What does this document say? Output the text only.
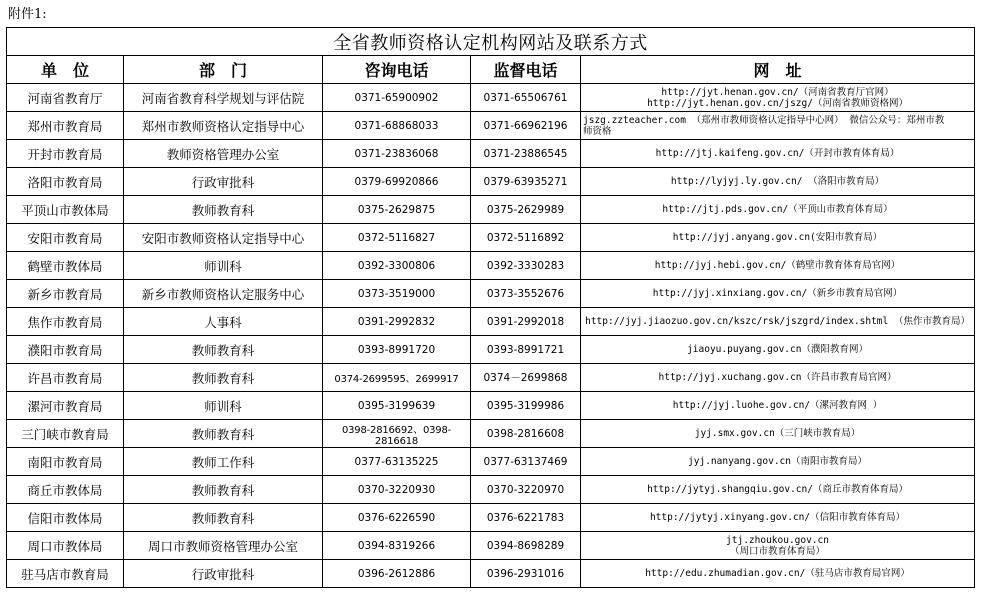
附件1:
全省教师资格认定机构网站及联系方式				
单　位	部　门	咨询电话	监督电话	网　址
河南省教育厅	河南省教育科学规划与评估院	0371-65900902	0371-65506761	http://jyt.henan.gov.cn/（河南省教育厅官网）
http://jyt.henan.gov.cn/jszg/（河南省教师资格网）

郑州市教育局	郑州市教师资格认定指导中心	0371-68868033	0371-66962196	jszg.zzteacher.com （郑州市教师资格认定指导中心网） 微信公众号：郑州市教
师资格

开封市教育局	教师资格管理办公室	0371-23836068	0371-23886545	http://jtj.kaifeng.gov.cn/（开封市教育体育局）

洛阳市教育局	行政审批科	0379-69920866	0379-63935271	http://lyjyj.ly.gov.cn/ （洛阳市教育局）

平顶山市教体局	教师教育科	0375-2629875	0375-2629989	http://jtj.pds.gov.cn/（平顶山市教育体育局）

安阳市教育局	安阳市教师资格认定指导中心	0372-5116827	0372-5116892	http://jyj.anyang.gov.cn(安阳市教育局）

鹤壁市教体局	师训科	0392-3300806	0392-3330283	http://jyj.hebi.gov.cn/（鹤壁市教育体育局官网）

新乡市教育局	新乡市教师资格认定服务中心	0373-3519000	0373-3552676	http://jyj.xinxiang.gov.cn/（新乡市教育局官网）

焦作市教育局	人事科	0391-2992832	0391-2992018	http://jyj.jiaozuo.gov.cn/kszc/rsk/jszgrd/index.shtml （焦作市教育局）

濮阳市教育局	教师教育科	0393-8991720	0393-8991721	jiaoyu.puyang.gov.cn（濮阳教育网）

许昌市教育局	教师教育科	0374-2699595、2699917	0374－2699868	http://jyj.xuchang.gov.cn（许昌市教育局官网）

漯河市教育局	师训科	0395-3199639	0395-3199986	http://jyj.luohe.gov.cn/（漯河教育网 ）

三门峡市教育局	教师教育科	0398-2816692、0398-2816618	0398-2816608	jyj.smx.gov.cn（三门峡市教育局）

南阳市教育局	教师工作科	0377-63135225	0377-63137469	jyj.nanyang.gov.cn（南阳市教育局）

商丘市教体局	教师教育科	0370-3220930	0370-3220970	http://jytyj.shangqiu.gov.cn/（商丘市教育体育局）

信阳市教体局	教师教育科	0376-6226590	0376-6221783	http://jytyj.xinyang.gov.cn/（信阳市教育体育局）

周口市教体局	周口市教师资格管理办公室	0394-8319266	0394-8698289	jtj.zhoukou.gov.cn
（周口市教育体育局）

驻马店市教育局	行政审批科	0396-2612886	0396-2931016	http://edu.zhumadian.gov.cn/（驻马店市教育局官网）
